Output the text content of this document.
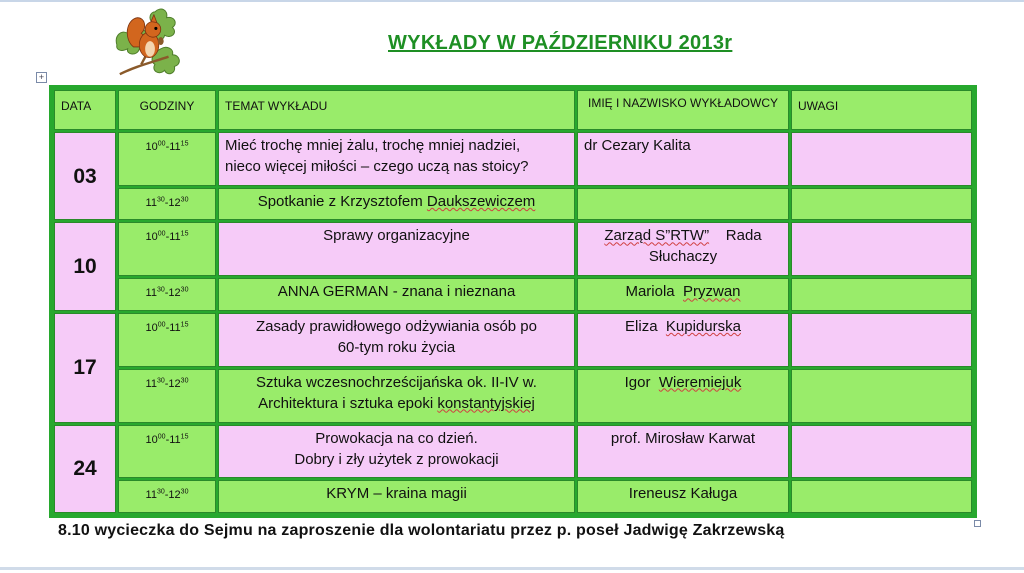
WYKŁADY W PAŹDZIERNIKU 2013r
+
DATA	GODZINY	TEMAT WYKŁADU	IMIĘ I NAZWISKO WYKŁADOWCY	UWAGI
03	$10^{00}-11^{15}$	Mieć trochę mniej żalu, trochę mniej nadziei,
nieco więcej miłości – czego uczą nas stoicy?	dr Cezary Kalita	
	$11^{30}-12^{30}$	Spotkanie z Krzysztofem Daukszewiczem		
10	$10^{00}-11^{15}$	Sprawy organizacyjne	Zarząd S”RTW”    Rada
Słuchaczy	

	$11^{30}-12^{30}$	ANNA GERMAN - znana i nieznana	Mariola  Pryzwan	
17	$10^{00}-11^{15}$	Zasady prawidłowego odżywiania osób po
60-tym roku życia	Eliza  Kupidurska	
	$11^{30}-12^{30}$	Sztuka wczesnochrześcijańska ok. II-IV w.
Architektura i sztuka epoki konstantyjskiej	Igor  Wieremiejuk	
24	$10^{00}-11^{15}$	Prowokacja na co dzień.
Dobry i zły użytek z prowokacji	prof. Mirosław Karwat	
	$11^{30}-12^{30}$	KRYM – kraina magii	Ireneusz Kaługa	
8.10 wycieczka do Sejmu na zaproszenie dla wolontariatu przez p. poseł Jadwigę Zakrzewską
